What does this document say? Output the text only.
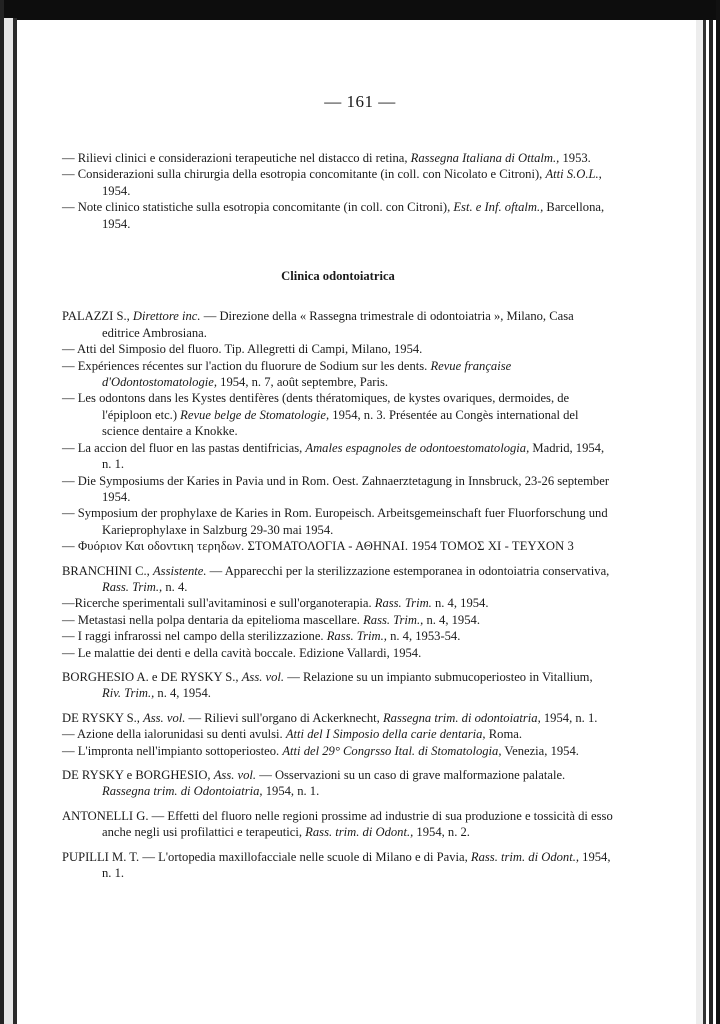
— 161 —

— Rilievi clinici e considerazioni terapeutiche nel distacco di retina, Rassegna Italiana di Ottalm., 1953.

— Considerazioni sulla chirurgia della esotropia concomitante (in coll. con Nicolato e Citroni), Atti S.O.L., 1954.

— Note clinico statistiche sulla esotropia concomitante (in coll. con Citroni), Est. e Inf. oftalm., Barcellona, 1954.

Clinica odontoiatrica

PALAZZI S., Direttore inc. — Direzione della « Rassegna trimestrale di odontoiatria », Milano, Casa editrice Ambrosiana.

— Atti del Simposio del fluoro. Tip. Allegretti di Campi, Milano, 1954.

— Expériences récentes sur l'action du fluorure de Sodium sur les dents. Revue française d'Odontostomatologie, 1954, n. 7, août septembre, Paris.

— Les odontons dans les Kystes dentifères (dents thératomiques, de kystes ovariques, dermoides, de l'épiploon etc.) Revue belge de Stomatologie, 1954, n. 3. Présentée au Congès international del science dentaire a Knokke.

— La accion del fluor en las pastas dentifricias, Amales espagnoles de odontoestomatologia, Madrid, 1954, n. 1.

— Die Symposiums der Karies in Pavia und in Rom. Oest. Zahnaerztetagung in Innsbruck, 23-26 september 1954.

— Symposium der prophylaxe de Karies in Rom. Europeisch. Arbeitsgemeinschaft fuer Fluorforschung und Karieprophylaxe in Salzburg 29-30 mai 1954.

— Φυόριον Και οδοντικη τερηδων. ΣΤΟΜΑΤΟΛΟΓΙΑ - ΑΘΗΝΑΙ. 1954 ΤΟΜΟΣ ΧΙ - ΤΕΥΧΟΝ 3

BRANCHINI C., Assistente. — Apparecchi per la sterilizzazione estemporanea in odontoiatria conservativa, Rass. Trim., n. 4.

—Ricerche sperimentali sull'avitaminosi e sull'organoterapia. Rass. Trim. n. 4, 1954.

— Metastasi nella polpa dentaria da epitelioma mascellare. Rass. Trim., n. 4, 1954.

— I raggi infrarossi nel campo della sterilizzazione. Rass. Trim., n. 4, 1953-54.

— Le malattie dei denti e della cavità boccale. Edizione Vallardi, 1954.

BORGHESIO A. e DE RYSKY S., Ass. vol. — Relazione su un impianto submucoperiosteo in Vitallium, Riv. Trim., n. 4, 1954.

DE RYSKY S., Ass. vol. — Rilievi sull'organo di Ackerknecht, Rassegna trim. di odontoiatria, 1954, n. 1.

— Azione della ialorunidasi su denti avulsi. Atti del I Simposio della carie dentaria, Roma.

— L'impronta nell'impianto sottoperiosteo. Atti del 29° Congrsso Ital. di Stomatologia, Venezia, 1954.

DE RYSKY e BORGHESIO, Ass. vol. — Osservazioni su un caso di grave malformazione palatale. Rassegna trim. di Odontoiatria, 1954, n. 1.

ANTONELLI G. — Effetti del fluoro nelle regioni prossime ad industrie di sua produzione e tossicità di esso anche negli usi profilattici e terapeutici, Rass. trim. di Odont., 1954, n. 2.

PUPILLI M. T. — L'ortopedia maxillofacciale nelle scuole di Milano e di Pavia, Rass. trim. di Odont., 1954, n. 1.
